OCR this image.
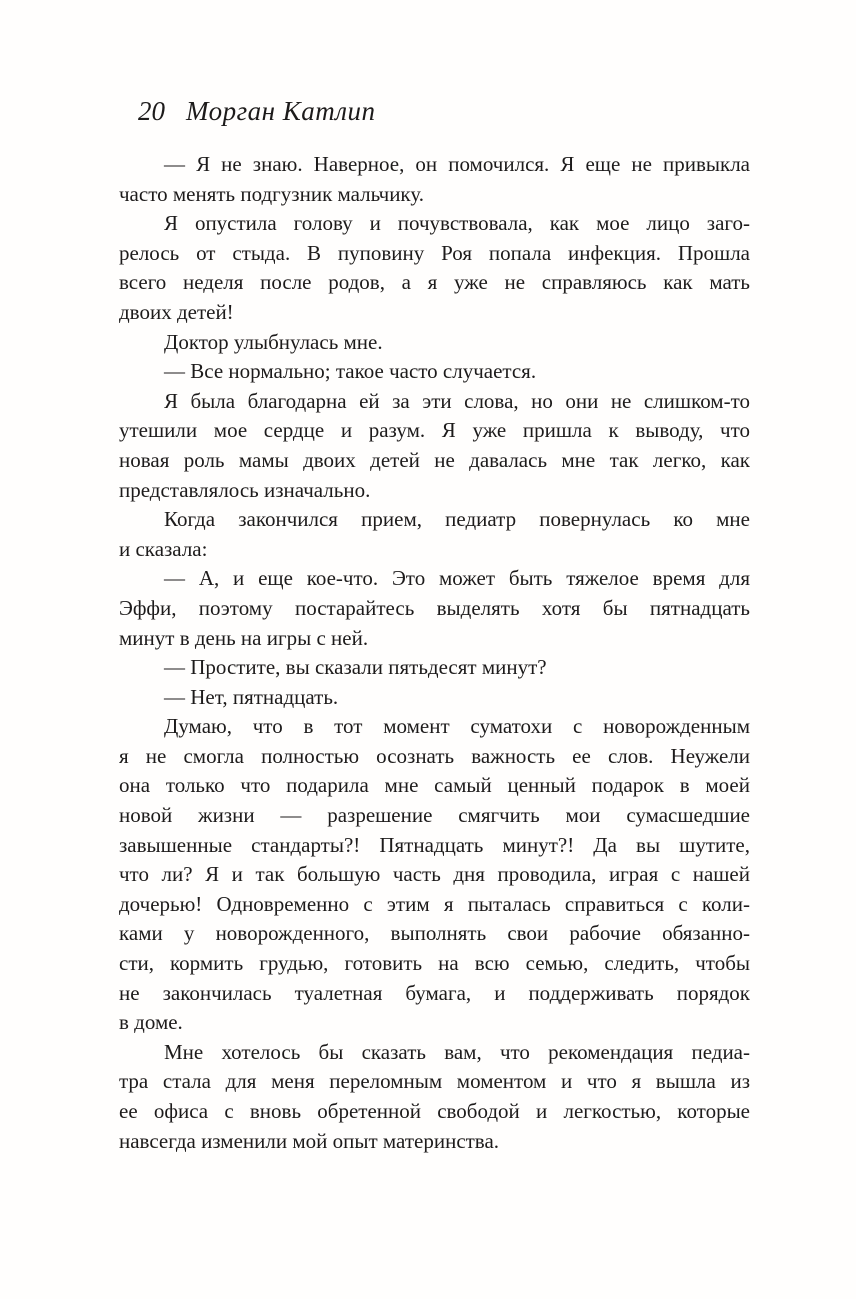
20 Морган Катлип
— Я не знаю. Наверное, он помочился. Я еще не привыкла
часто менять подгузник мальчику.
Я опустила голову и почувствовала, как мое лицо заго-
релось от стыда. В пуповину Роя попала инфекция. Прошла
всего неделя после родов, а я уже не справляюсь как мать
двоих детей!
Доктор улыбнулась мне.
— Все нормально; такое часто случается.
Я была благодарна ей за эти слова, но они не слишком-то
утешили мое сердце и разум. Я уже пришла к выводу, что
новая роль мамы двоих детей не давалась мне так легко, как
представлялось изначально.
Когда закончился прием, педиатр повернулась ко мне
и сказала:
— А, и еще кое-что. Это может быть тяжелое время для
Эффи, поэтому постарайтесь выделять хотя бы пятнадцать
минут в день на игры с ней.
— Простите, вы сказали пятьдесят минут?
— Нет, пятнадцать.
Думаю, что в тот момент суматохи с новорожденным
я не смогла полностью осознать важность ее слов. Неужели
она только что подарила мне самый ценный подарок в моей
новой жизни — разрешение смягчить мои сумасшедшие
завышенные стандарты?! Пятнадцать минут?! Да вы шутите,
что ли? Я и так большую часть дня проводила, играя с нашей
дочерью! Одновременно с этим я пыталась справиться с коли-
ками у новорожденного, выполнять свои рабочие обязанно-
сти, кормить грудью, готовить на всю семью, следить, чтобы
не закончилась туалетная бумага, и поддерживать порядок
в доме.
Мне хотелось бы сказать вам, что рекомендация педиа-
тра стала для меня переломным моментом и что я вышла из
ее офиса с вновь обретенной свободой и легкостью, которые
навсегда изменили мой опыт материнства.
